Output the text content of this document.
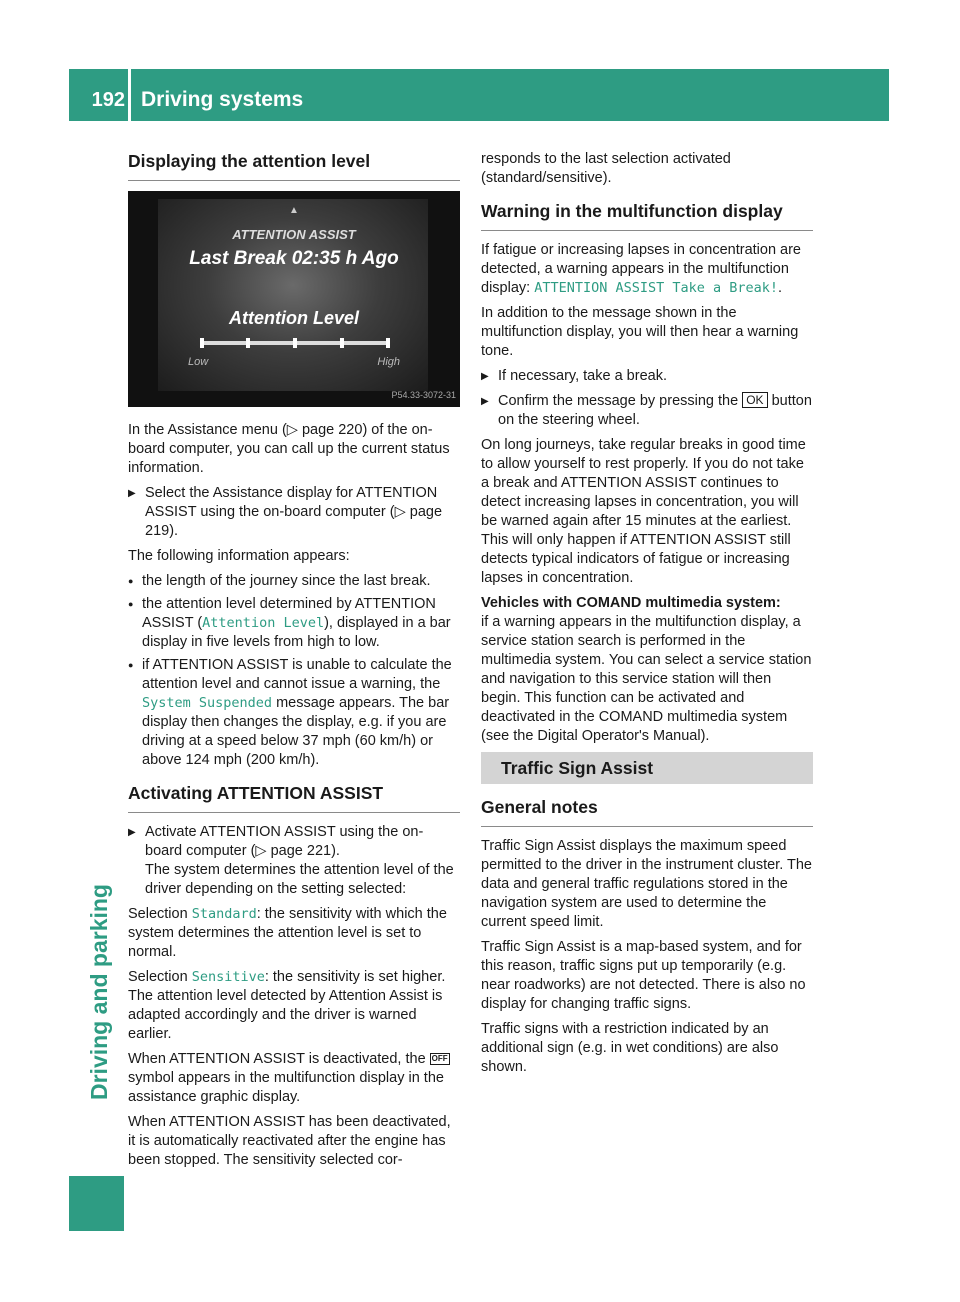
192 Driving systems
Driving and parking
Displaying the attention level
▲
ATTENTION ASSIST
Last Break 02:35 h Ago
Attention Level
Low	High
P54.33-3072-31

In the Assistance menu (▷ page 220) of the on-board computer, you can call up the current status information.

▶ Select the Assistance display for ATTENTION ASSIST using the on-board computer (▷ page 219).

The following information appears:

● the length of the journey since the last break.
● the attention level determined by ATTENTION ASSIST (Attention Level), displayed in a bar display in five levels from high to low.
● if ATTENTION ASSIST is unable to calculate the attention level and cannot issue a warning, the System Suspended message appears. The bar display then changes the display, e.g. if you are driving at a speed below 37 mph (60 km/h) or above 124 mph (200 km/h).
Activating ATTENTION ASSIST
▶ Activate ATTENTION ASSIST using the on-board computer (▷ page 221).
The system determines the attention level of the driver depending on the setting selected:

Selection Standard: the sensitivity with which the system determines the attention level is set to normal.

Selection Sensitive: the sensitivity is set higher. The attention level detected by Attention Assist is adapted accordingly and the driver is warned earlier.

When ATTENTION ASSIST is deactivated, the OFF symbol appears in the multifunction display in the assistance graphic display.

When ATTENTION ASSIST has been deactivated, it is automatically reactivated after the engine has been stopped. The sensitivity selected cor-

responds to the last selection activated (standard/sensitive).

Warning in the multifunction display

If fatigue or increasing lapses in concentration are detected, a warning appears in the multifunction display: ATTENTION ASSIST Take a Break!.

In addition to the message shown in the multifunction display, you will then hear a warning tone.

▶ If necessary, take a break.
▶ Confirm the message by pressing the OK button on the steering wheel.

On long journeys, take regular breaks in good time to allow yourself to rest properly. If you do not take a break and ATTENTION ASSIST continues to detect increasing lapses in concentration, you will be warned again after 15 minutes at the earliest. This will only happen if ATTENTION ASSIST still detects typical indicators of fatigue or increasing lapses in concentration.

Vehicles with COMAND multimedia system:
if a warning appears in the multifunction display, a service station search is performed in the multimedia system. You can select a service station and navigation to this service station will then begin. This function can be activated and deactivated in the COMAND multimedia system (see the Digital Operator's Manual).

Traffic Sign Assist
General notes

Traffic Sign Assist displays the maximum speed permitted to the driver in the instrument cluster. The data and general traffic regulations stored in the navigation system are used to determine the current speed limit.

Traffic Sign Assist is a map-based system, and for this reason, traffic signs put up temporarily (e.g. near roadworks) are not detected. There is also no display for changing traffic signs.

Traffic signs with a restriction indicated by an additional sign (e.g. in wet conditions) are also shown.
